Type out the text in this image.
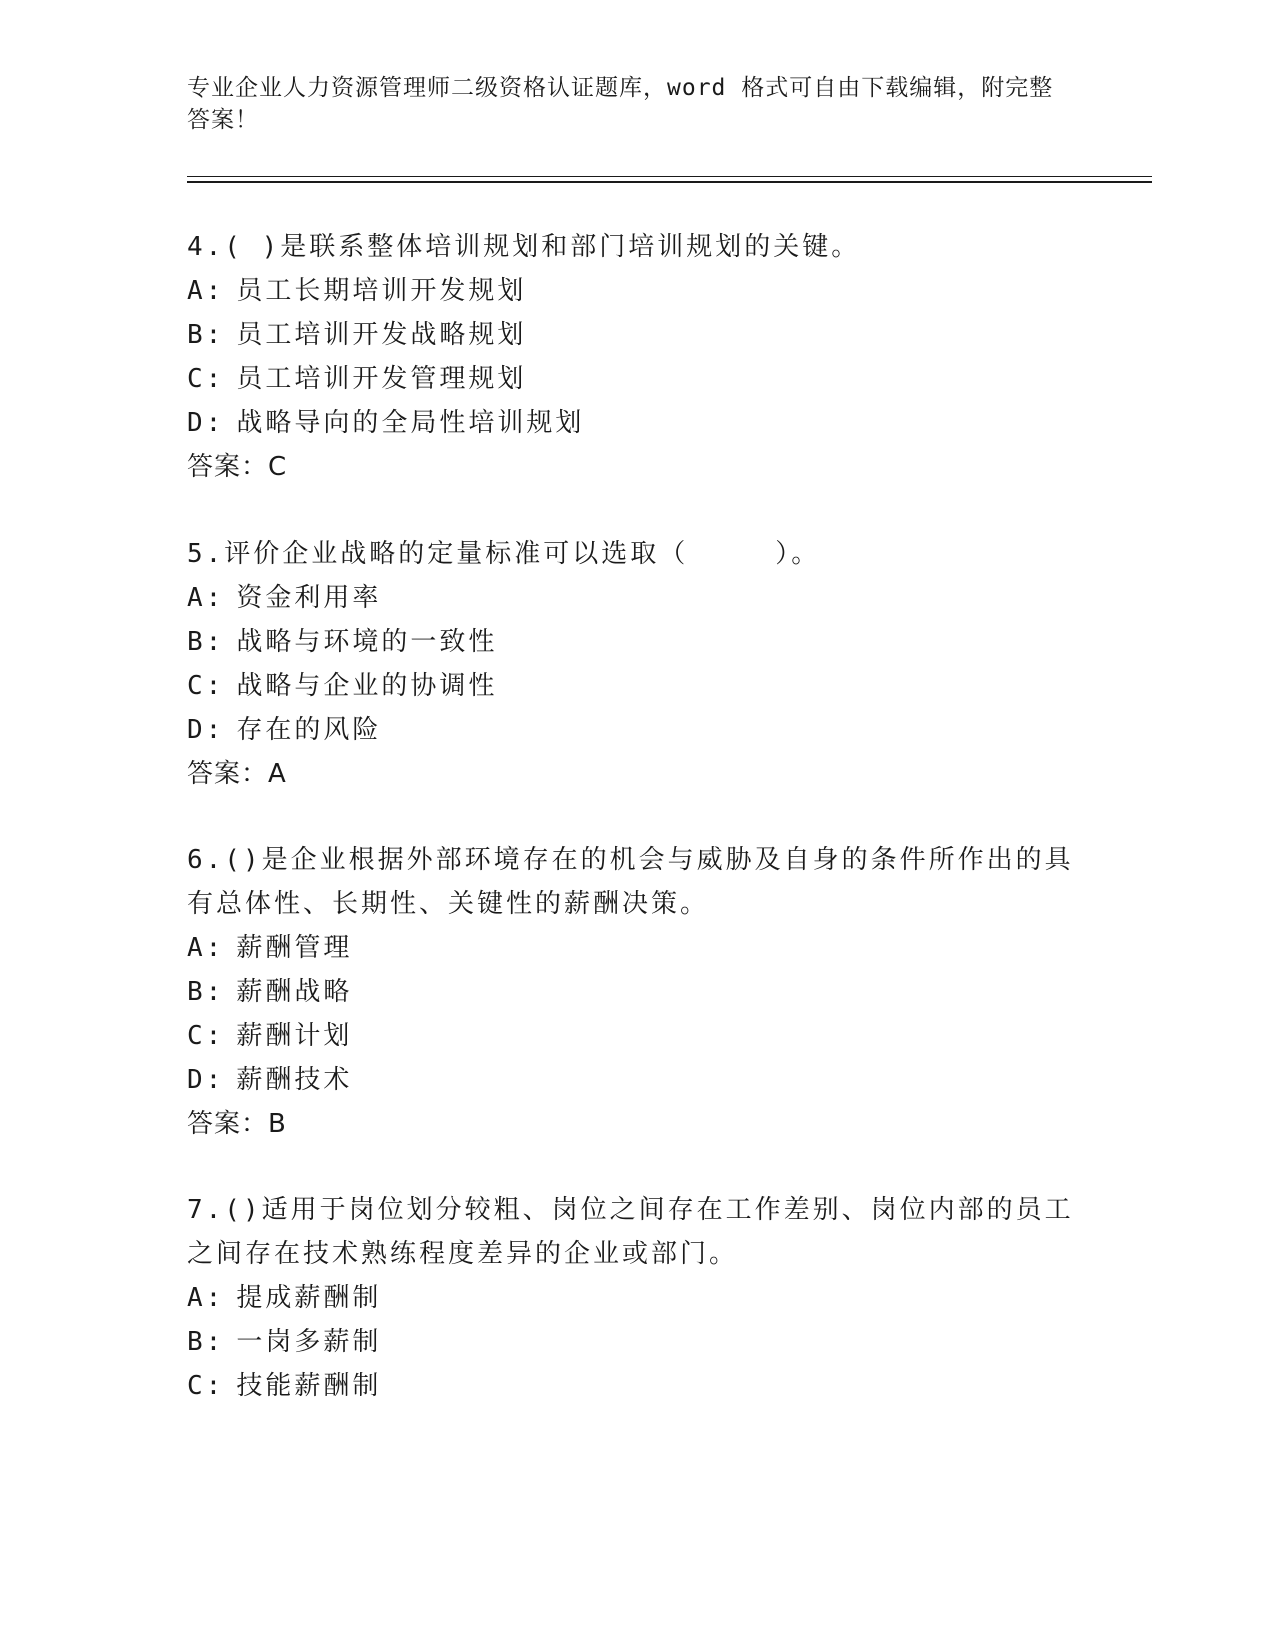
专业企业人力资源管理师二级资格认证题库，word 格式可自由下载编辑，附完整
答案！
4.( )是联系整体培训规划和部门培训规划的关键。
A: 员工长期培训开发规划
B: 员工培训开发战略规划
C: 员工培训开发管理规划
D: 战略导向的全局性培训规划
答案：C
5.评价企业战略的定量标准可以选取（　　　）。
A: 资金利用率
B: 战略与环境的一致性
C: 战略与企业的协调性
D: 存在的风险
答案：A
6.()是企业根据外部环境存在的机会与威胁及自身的条件所作出的具
有总体性、长期性、关键性的薪酬决策。
A: 薪酬管理
B: 薪酬战略
C: 薪酬计划
D: 薪酬技术
答案：B
7.()适用于岗位划分较粗、岗位之间存在工作差别、岗位内部的员工
之间存在技术熟练程度差异的企业或部门。
A: 提成薪酬制
B: 一岗多薪制
C: 技能薪酬制
